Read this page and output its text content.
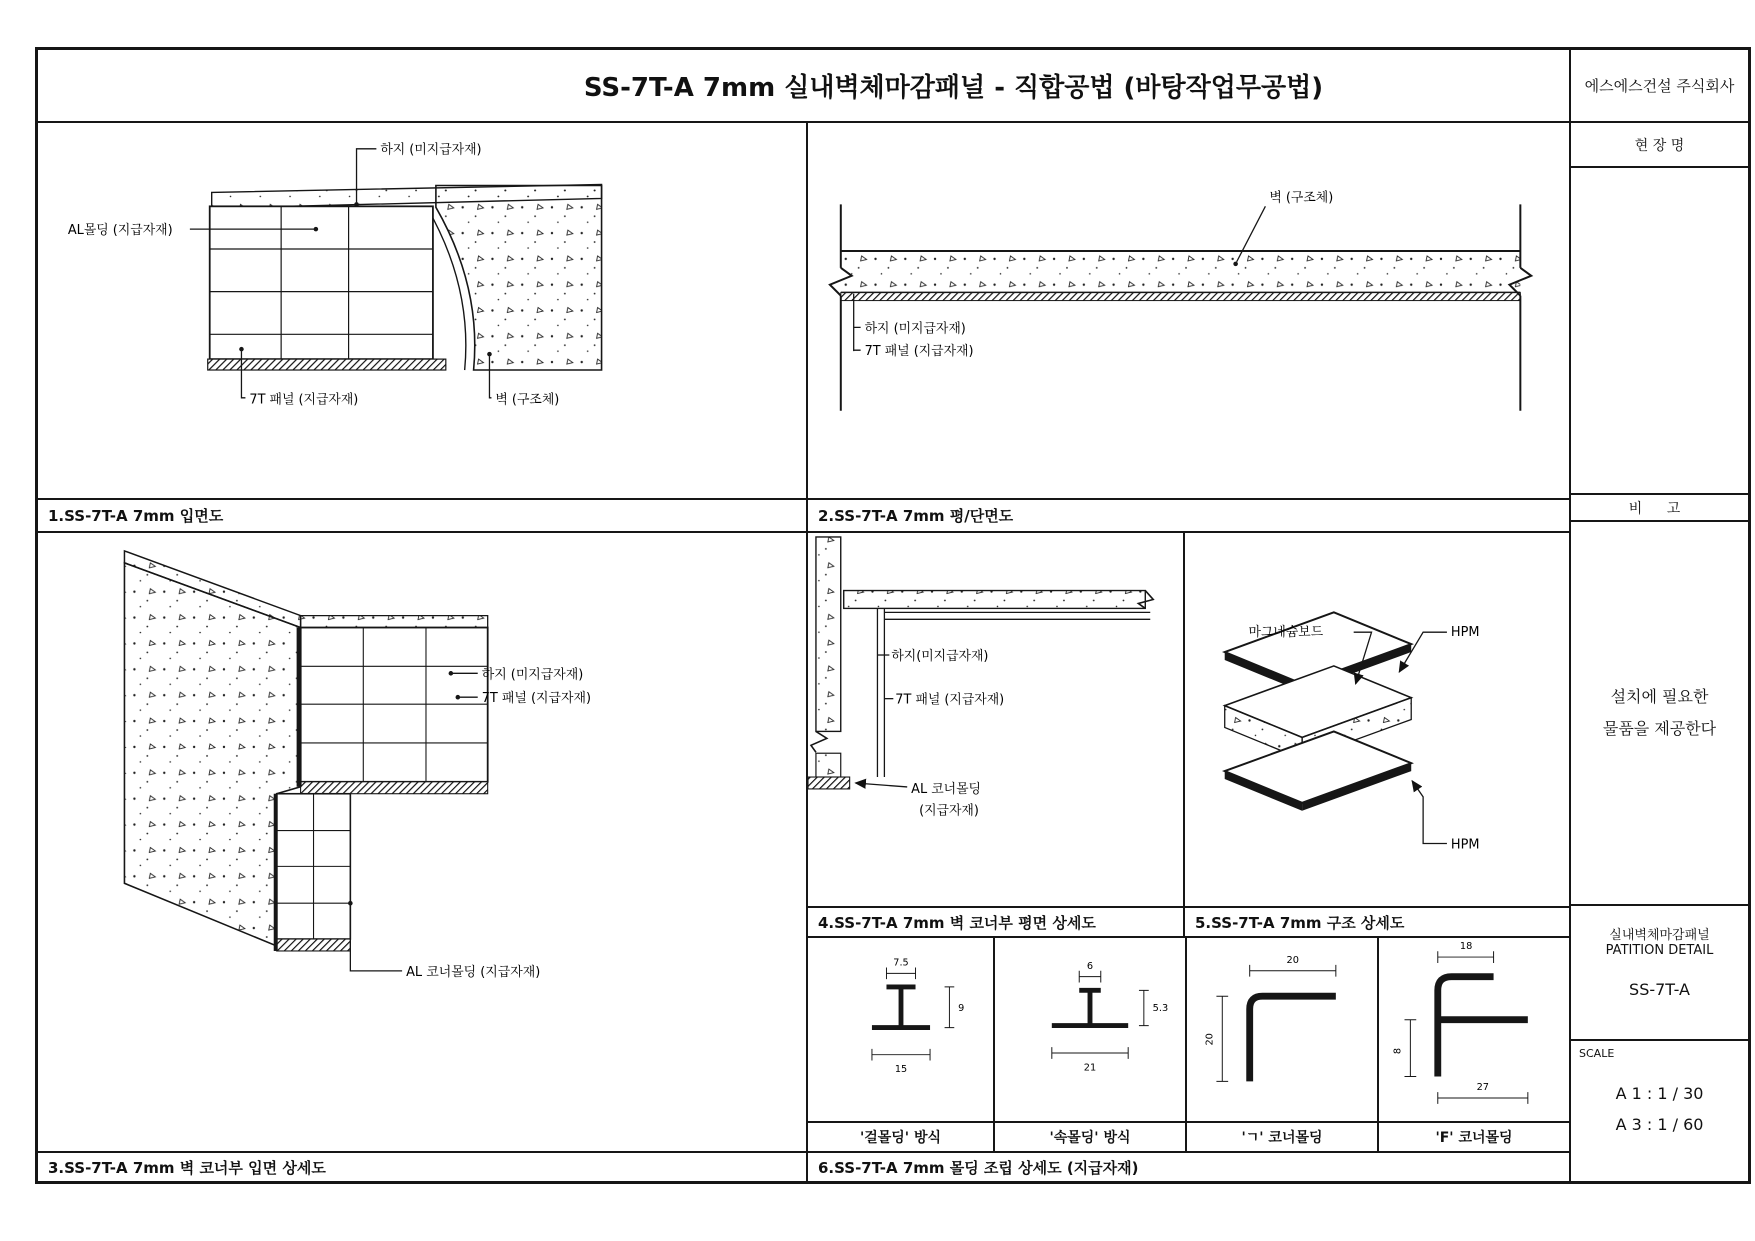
SS-7T-A 7mm 실내벽체마감패널 - 직합공법 (바탕작업무공법)	에스에스건설 주식회사
하지 (미지급자재)
AL몰딩 (지급자재)
7T 패널 (지급자재)	벽 (구조체)
벽 (구조체)
하지 (미지급자재)
7T 패널 (지급자재)
1.SS-7T-A 7mm 입면도	2.SS-7T-A 7mm 평/단면도
하지 (미지급자재)
7T 패널 (지급자재)
AL 코너몰딩 (지급자재)
하지(미지급자재)
7T 패널 (지급자재)
AL 코너몰딩
(지급자재)
마그네슘보드	HPM
HPM
4.SS-7T-A 7mm 벽 코너부 평면 상세도	5.SS-7T-A 7mm 구조 상세도
7.5
9
15
6
5.3
21
20
20
18
8
27
'걸몰딩' 방식	'속몰딩' 방식	'ㄱ' 코너몰딩	'F' 코너몰딩
3.SS-7T-A 7mm 벽 코너부 입면 상세도	6.SS-7T-A 7mm 몰딩 조립 상세도 (지급자재)
현 장 명
비 고
설치에 필요한
물품을 제공한다
실내벽체마감패널
PATITION DETAIL
SS-7T-A
SCALE
A 1 : 1 / 30
A 3 : 1 / 60
